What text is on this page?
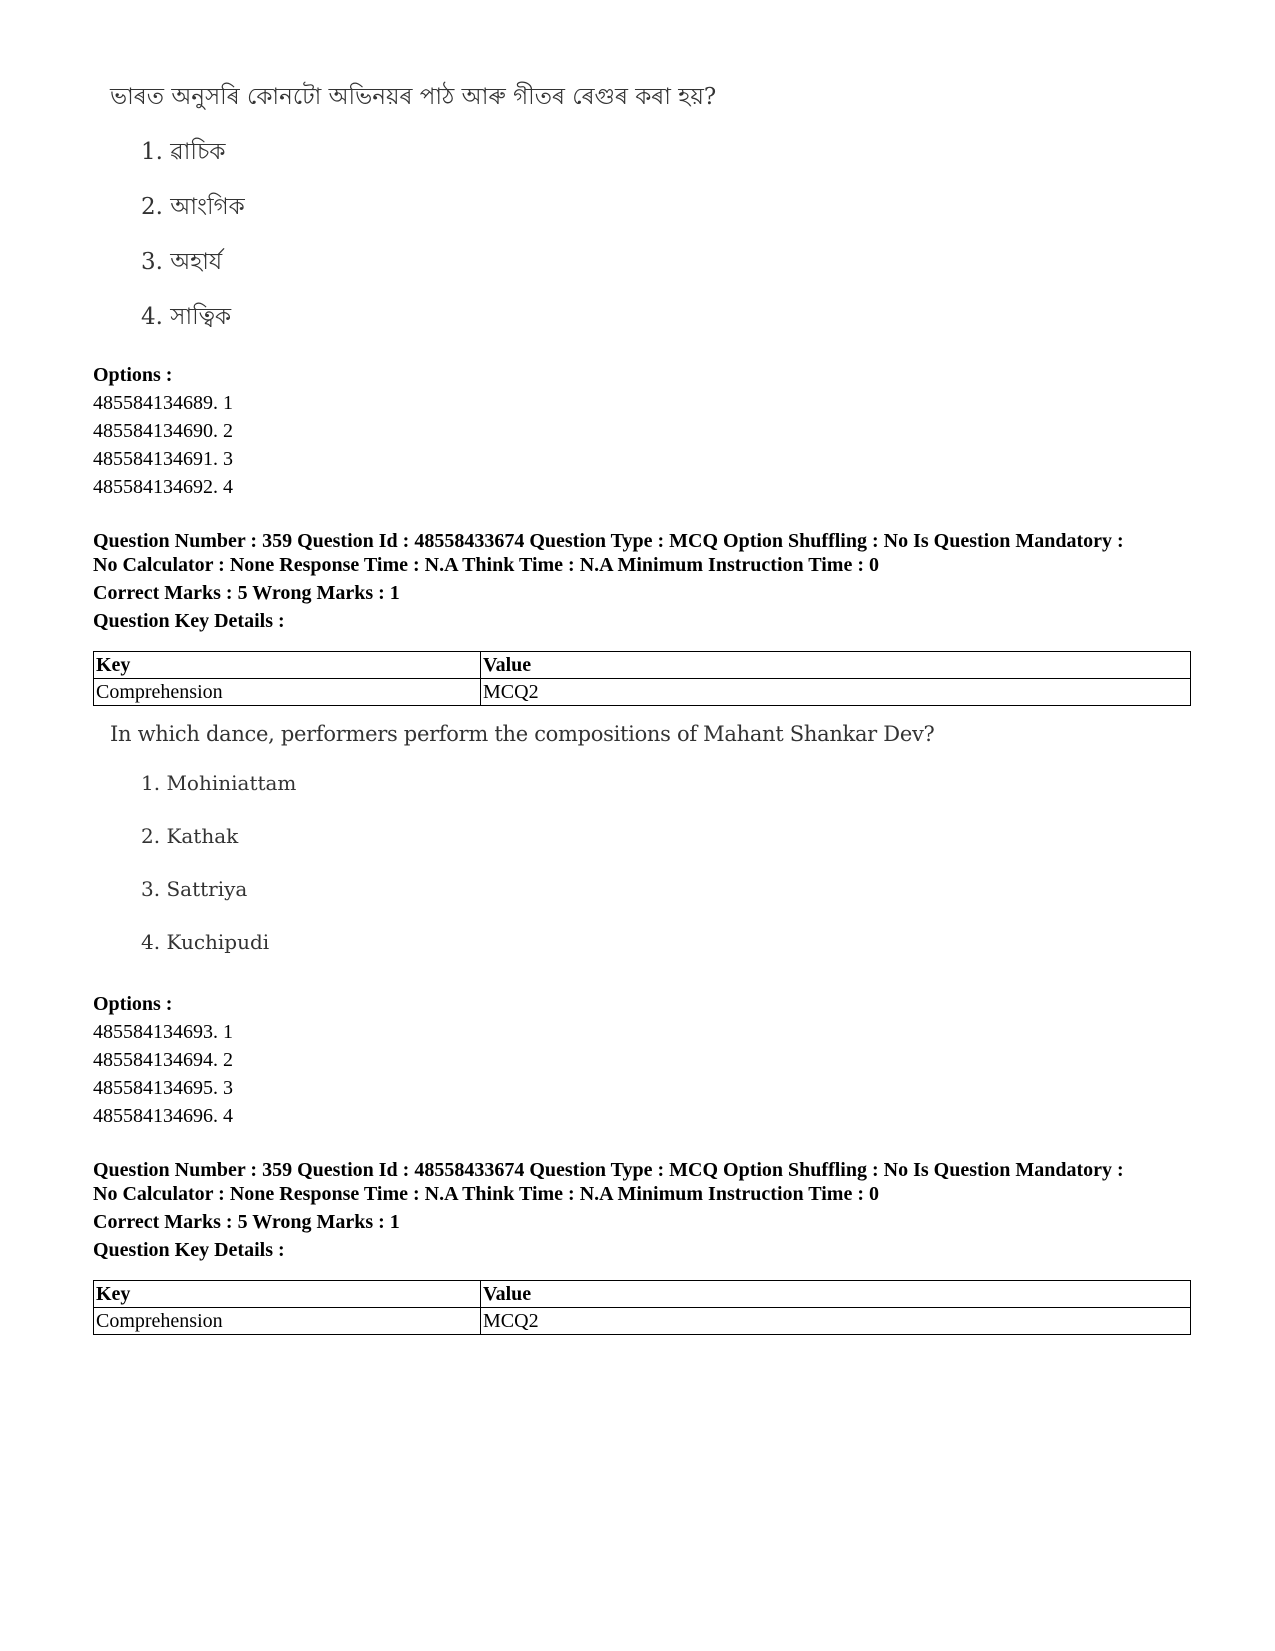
ভাৰত অনুসৰি কোনটো অভিনয়ৰ পাঠ আৰু গীতৰ ৰেগুৰ কৰা হয়?

1. ৱাচিক
2. আংগিক
3. অহাৰ্য
4. সাত্বিক
Options :
485584134689. 1
485584134690. 2
485584134691. 3
485584134692. 4
Question Number : 359 Question Id : 48558433674 Question Type : MCQ Option Shuffling : No Is Question Mandatory :
No Calculator : None Response Time : N.A Think Time : N.A Minimum Instruction Time : 0
Correct Marks : 5 Wrong Marks : 1
Question Key Details :
Key	Value
Comprehension	MCQ2

In which dance, performers perform the compositions of Mahant Shankar Dev?

1. Mohiniattam
2. Kathak
3. Sattriya
4. Kuchipudi
Options :
485584134693. 1
485584134694. 2
485584134695. 3
485584134696. 4
Question Number : 359 Question Id : 48558433674 Question Type : MCQ Option Shuffling : No Is Question Mandatory :
No Calculator : None Response Time : N.A Think Time : N.A Minimum Instruction Time : 0
Correct Marks : 5 Wrong Marks : 1
Question Key Details :
Key	Value
Comprehension	MCQ2
